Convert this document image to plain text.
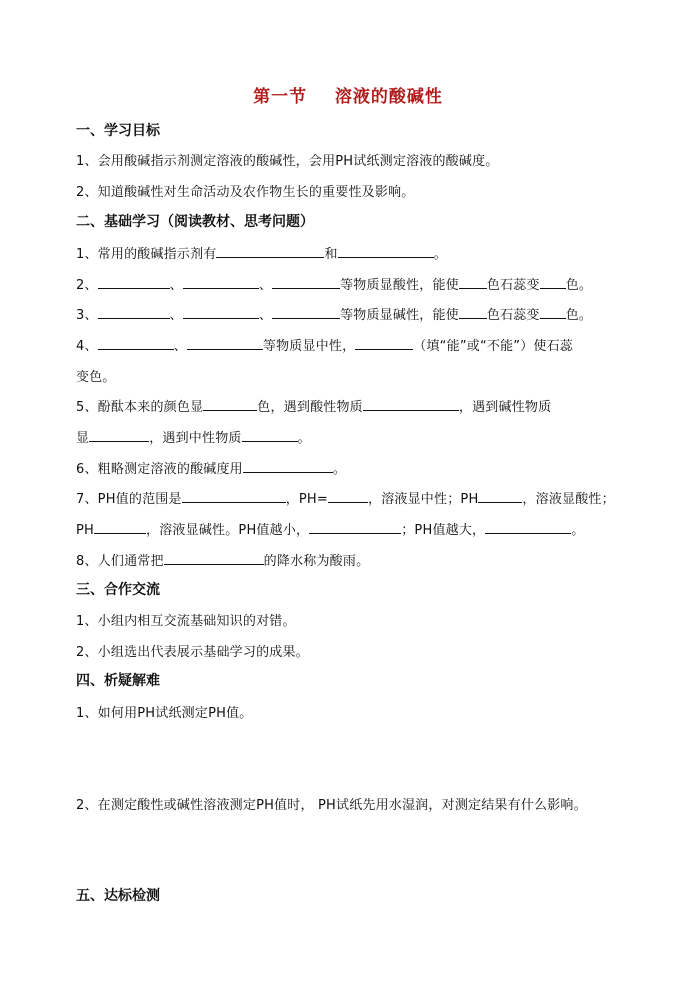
第一节    溶液的酸碱性
一、学习目标
1、会用酸碱指示剂测定溶液的酸碱性，会用PH试纸测定溶液的酸碱度。
2、知道酸碱性对生命活动及农作物生长的重要性及影响。
二、基础学习（阅读教材、思考问题）
1、常用的酸碱指示剂有	和	。
2、	、	、	等物质显酸性，能使 色石蕊变 色。
3、	、	、	等物质显碱性，能使 色石蕊变 色。
4、	、	等物质显中性，	（填“能”或“不能”）使石蕊
变色。
5、酚酞本来的颜色显	色，遇到酸性物质	，遇到碱性物质
显	，遇到中性物质	。
6、粗略测定溶液的酸碱度用	。
7、PH值的范围是	，PH=	，溶液显中性；PH	，溶液显酸性；
PH	，溶液显碱性。PH值越小，	；PH值越大，	。
8、人们通常把	的降水称为酸雨。
三、合作交流
1、小组内相互交流基础知识的对错。
2、小组选出代表展示基础学习的成果。
四、析疑解难
1、如何用PH试纸测定PH值。
2、在测定酸性或碱性溶液测定PH值时， PH试纸先用水湿润，对测定结果有什么影响。
五、达标检测
